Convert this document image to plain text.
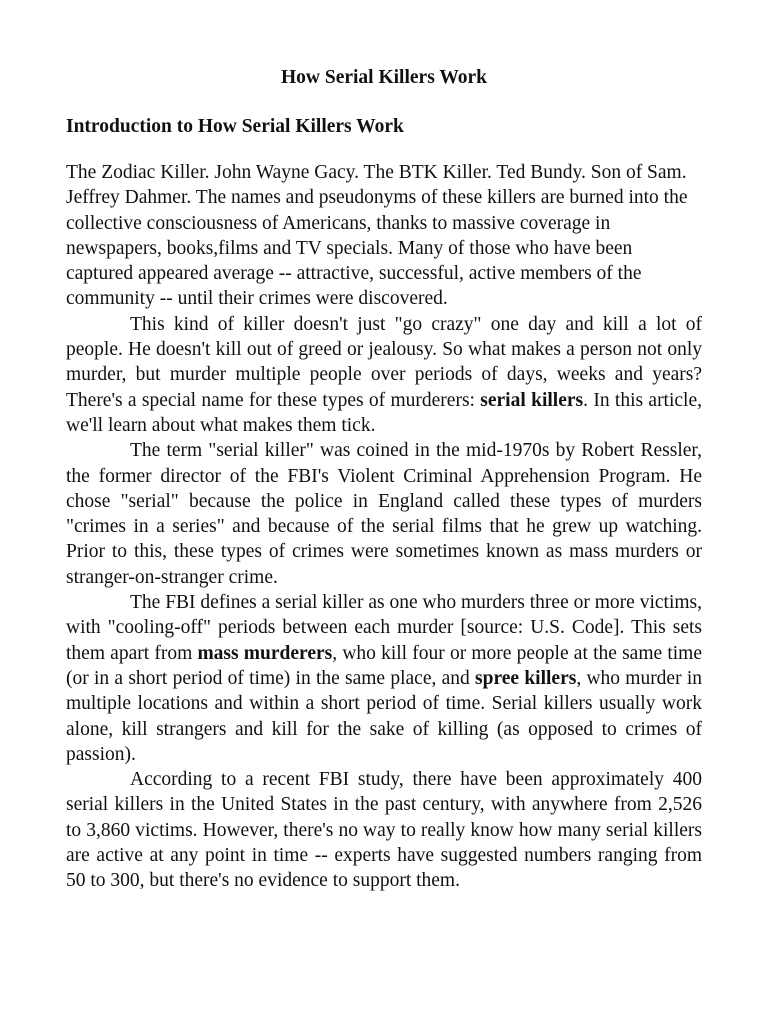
How Serial Killers Work
Introduction to How Serial Killers Work

The Zodiac Killer. John Wayne Gacy. The BTK Killer. Ted Bundy. Son of Sam. Jeffrey Dahmer. The names and pseudonyms of these killers are burned into the collective consciousness of Americans, thanks to massive coverage in newspapers, books,films and TV specials. Many of those who have been captured appeared average -- attractive, successful, active members of the community -- until their crimes were discovered.

This kind of killer doesn't just "go crazy" one day and kill a lot of people. He doesn't kill out of greed or jealousy. So what makes a person not only murder, but murder multiple people over periods of days, weeks and years? There's a special name for these types of murderers: serial killers. In this article, we'll learn about what makes them tick.

The term "serial killer" was coined in the mid-1970s by Robert Ressler, the former director of the FBI's Violent Criminal Apprehension Program. He chose "serial" because the police in England called these types of murders "crimes in a series" and because of the serial films that he grew up watching. Prior to this, these types of crimes were sometimes known as mass murders or stranger-on-stranger crime.

The FBI defines a serial killer as one who murders three or more victims, with "cooling-off" periods between each murder [source: U.S. Code]. This sets them apart from mass murderers, who kill four or more people at the same time (or in a short period of time) in the same place, and spree killers, who murder in multiple locations and within a short period of time. Serial killers usually work alone, kill strangers and kill for the sake of killing (as opposed to crimes of passion).

According to a recent FBI study, there have been approximately 400 serial killers in the United States in the past century, with anywhere from 2,526 to 3,860 victims. However, there's no way to really know how many serial killers are active at any point in time -- experts have suggested numbers ranging from 50 to 300, but there's no evidence to support them.
